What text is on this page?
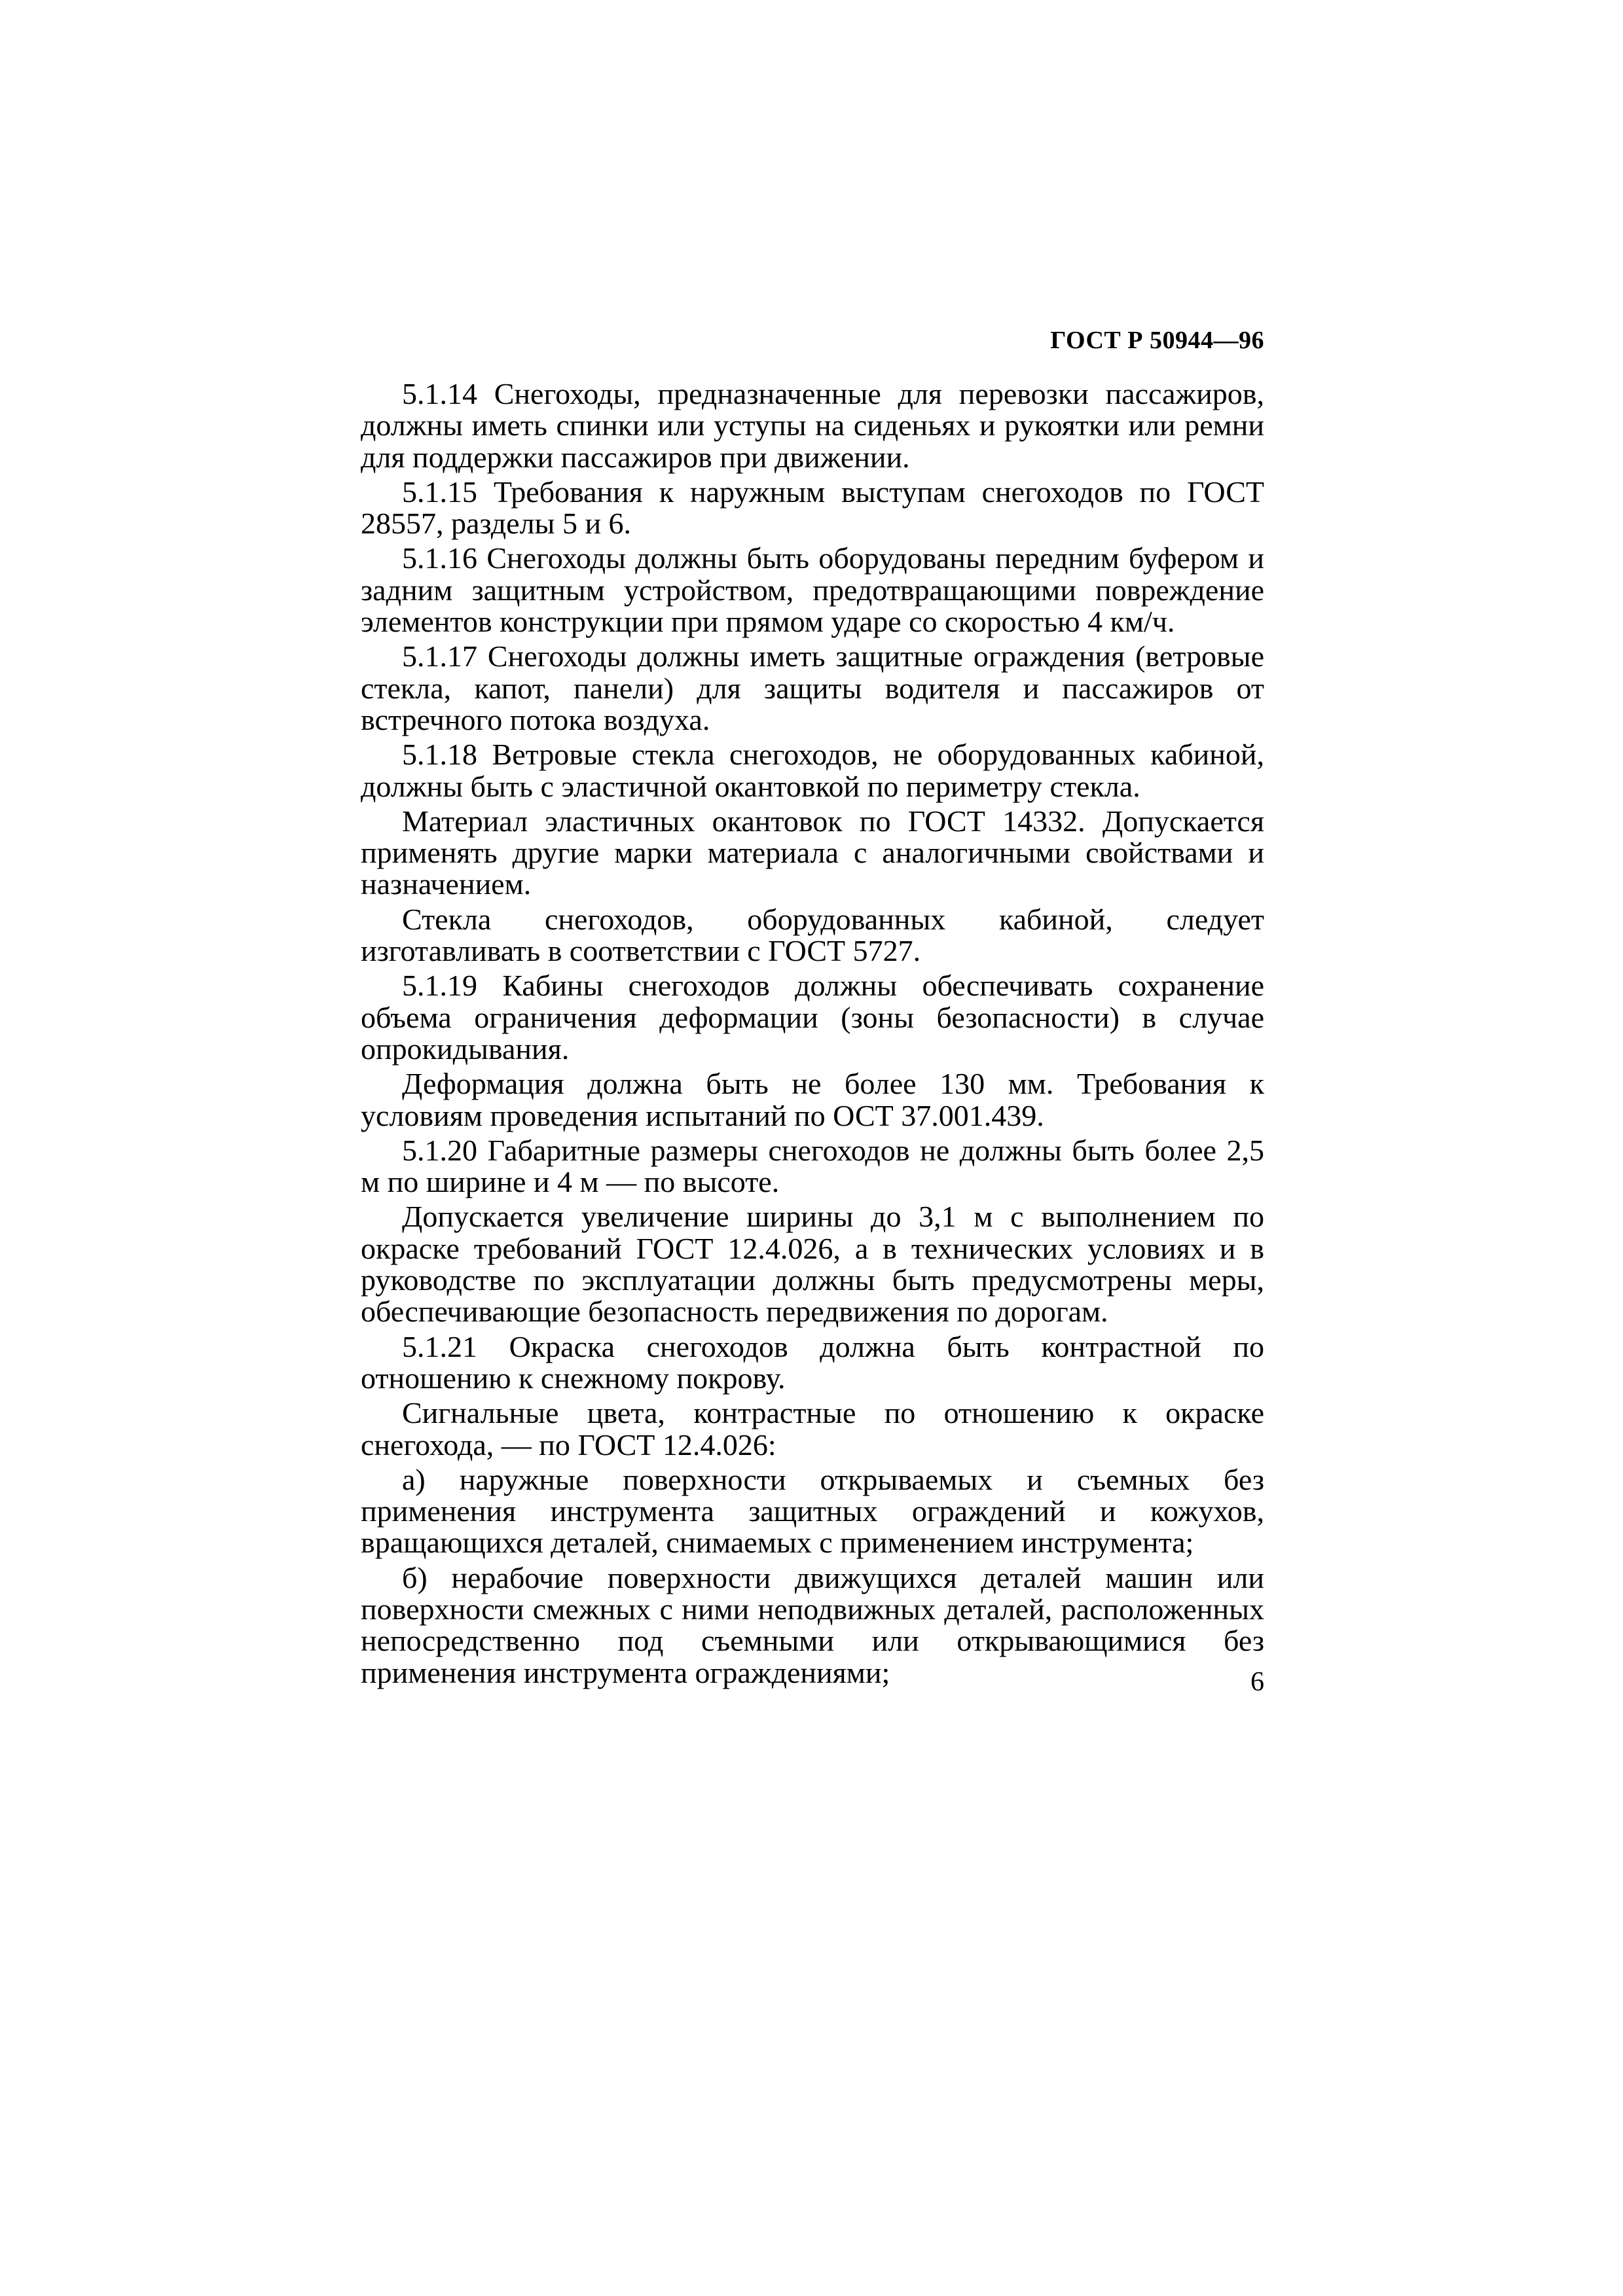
ГОСТ Р 50944—96

5.1.14 Снегоходы, предназначенные для перевозки пассажиров, должны иметь спинки или уступы на сиденьях и рукоятки или ремни для поддержки пассажиров при движении.

5.1.15 Требования к наружным выступам снегоходов по ГОСТ 28557, разделы 5 и 6.

5.1.16 Снегоходы должны быть оборудованы передним буфером и задним защитным устройством, предотвращающими повреждение элементов конструкции при прямом ударе со скоростью 4 км/ч.

5.1.17 Снегоходы должны иметь защитные ограждения (ветровые стекла, капот, панели) для защиты водителя и пассажиров от встречного потока воздуха.

5.1.18 Ветровые стекла снегоходов, не оборудованных кабиной, должны быть с эластичной окантовкой по периметру стекла.

Материал эластичных окантовок по ГОСТ 14332. Допускается применять другие марки материала с аналогичными свойствами и назначением.

Стекла снегоходов, оборудованных кабиной, следует изготавливать в соответствии с ГОСТ 5727.

5.1.19 Кабины снегоходов должны обеспечивать сохранение объема ограничения деформации (зоны безопасности) в случае опрокидывания.

Деформация должна быть не более 130 мм. Требования к условиям проведения испытаний по ОСТ 37.001.439.

5.1.20 Габаритные размеры снегоходов не должны быть более 2,5 м по ширине и 4 м — по высоте.

Допускается увеличение ширины до 3,1 м с выполнением по окраске требований ГОСТ 12.4.026, а в технических условиях и в руководстве по эксплуатации должны быть предусмотрены меры, обеспечивающие безопасность передвижения по дорогам.

5.1.21 Окраска снегоходов должна быть контрастной по отношению к снежному покрову.

Сигнальные цвета, контрастные по отношению к окраске снегохода, — по ГОСТ 12.4.026:

а) наружные поверхности открываемых и съемных без применения инструмента защитных ограждений и кожухов, вращающихся деталей, снимаемых с применением инструмента;

б) нерабочие поверхности движущихся деталей машин или поверхности смежных с ними неподвижных деталей, расположенных непосредственно под съемными или открывающимися без применения инструмента ограждениями;	6
